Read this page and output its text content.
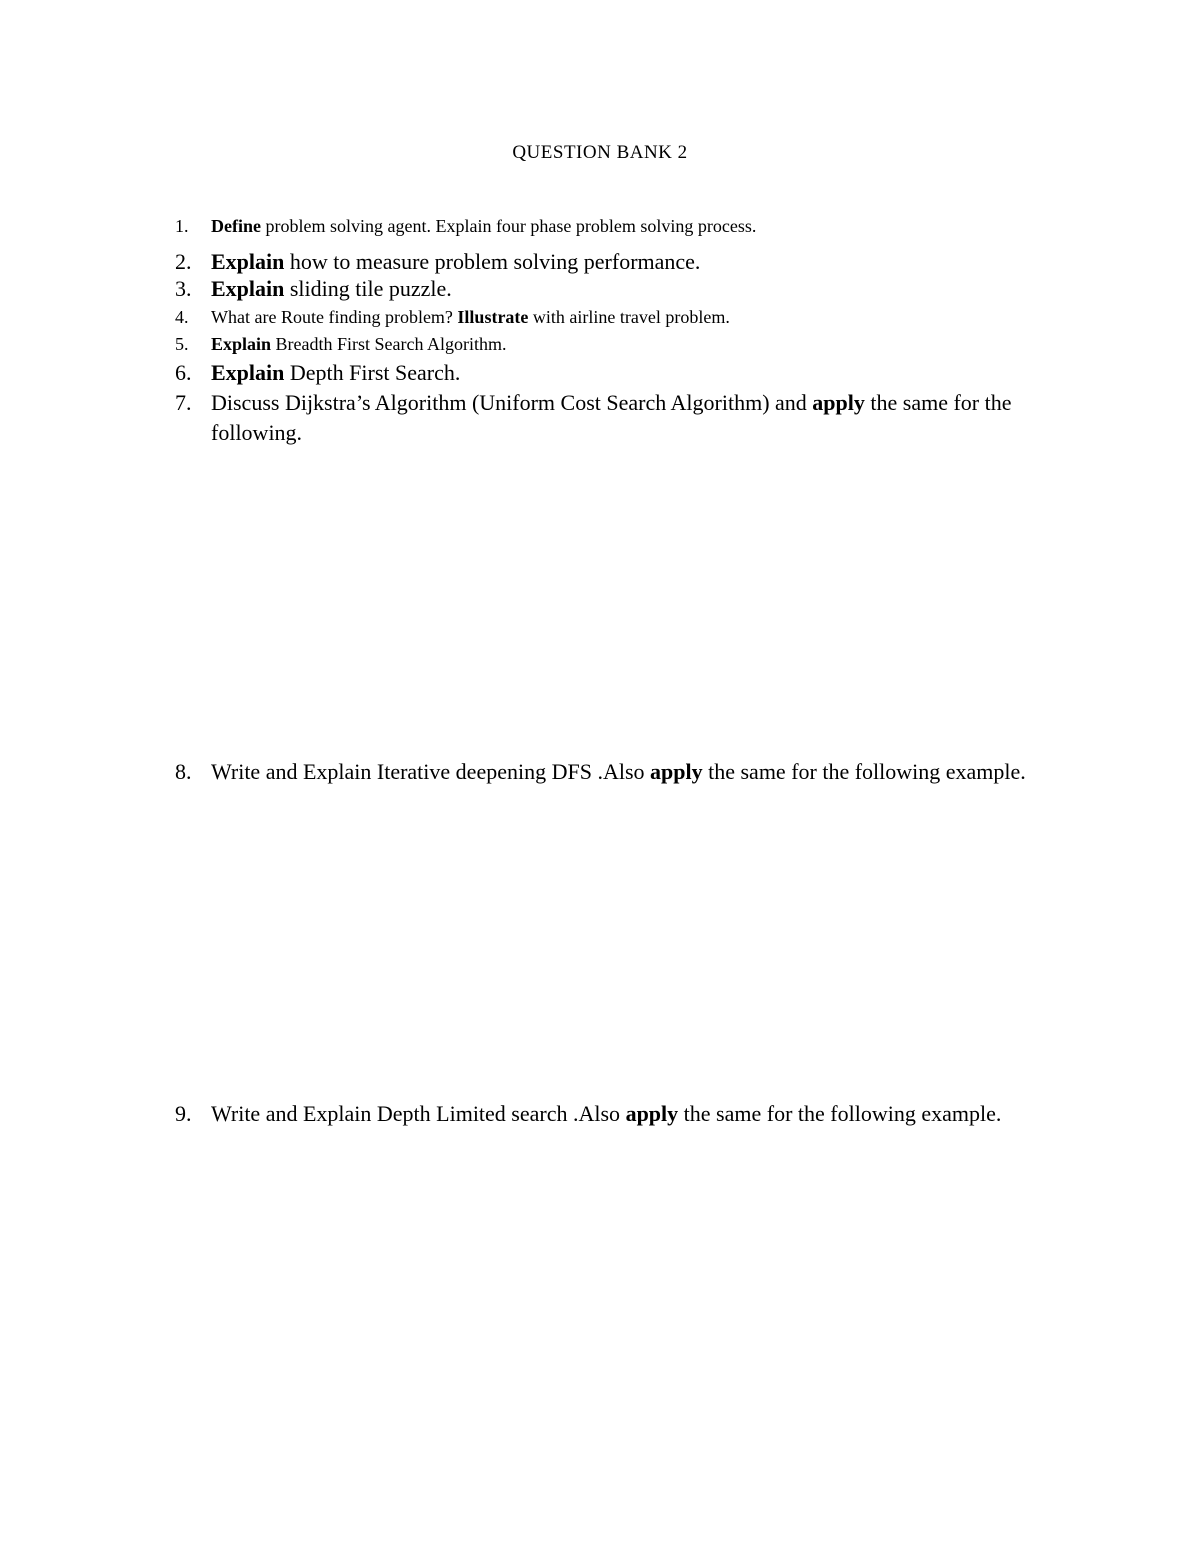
QUESTION BANK 2
1. Define problem solving agent. Explain four phase problem solving process.
2. Explain how to measure problem solving performance.
3. Explain sliding tile puzzle.
4. What are Route finding problem? Illustrate with airline travel problem.
5. Explain Breadth First Search Algorithm.
6. Explain Depth First Search.
7. Discuss Dijkstra’s Algorithm (Uniform Cost Search Algorithm) and apply the same for the following.
8. Write and Explain Iterative deepening DFS .Also apply the same for the following example.
9. Write and Explain Depth Limited search .Also apply the same for the following example.
